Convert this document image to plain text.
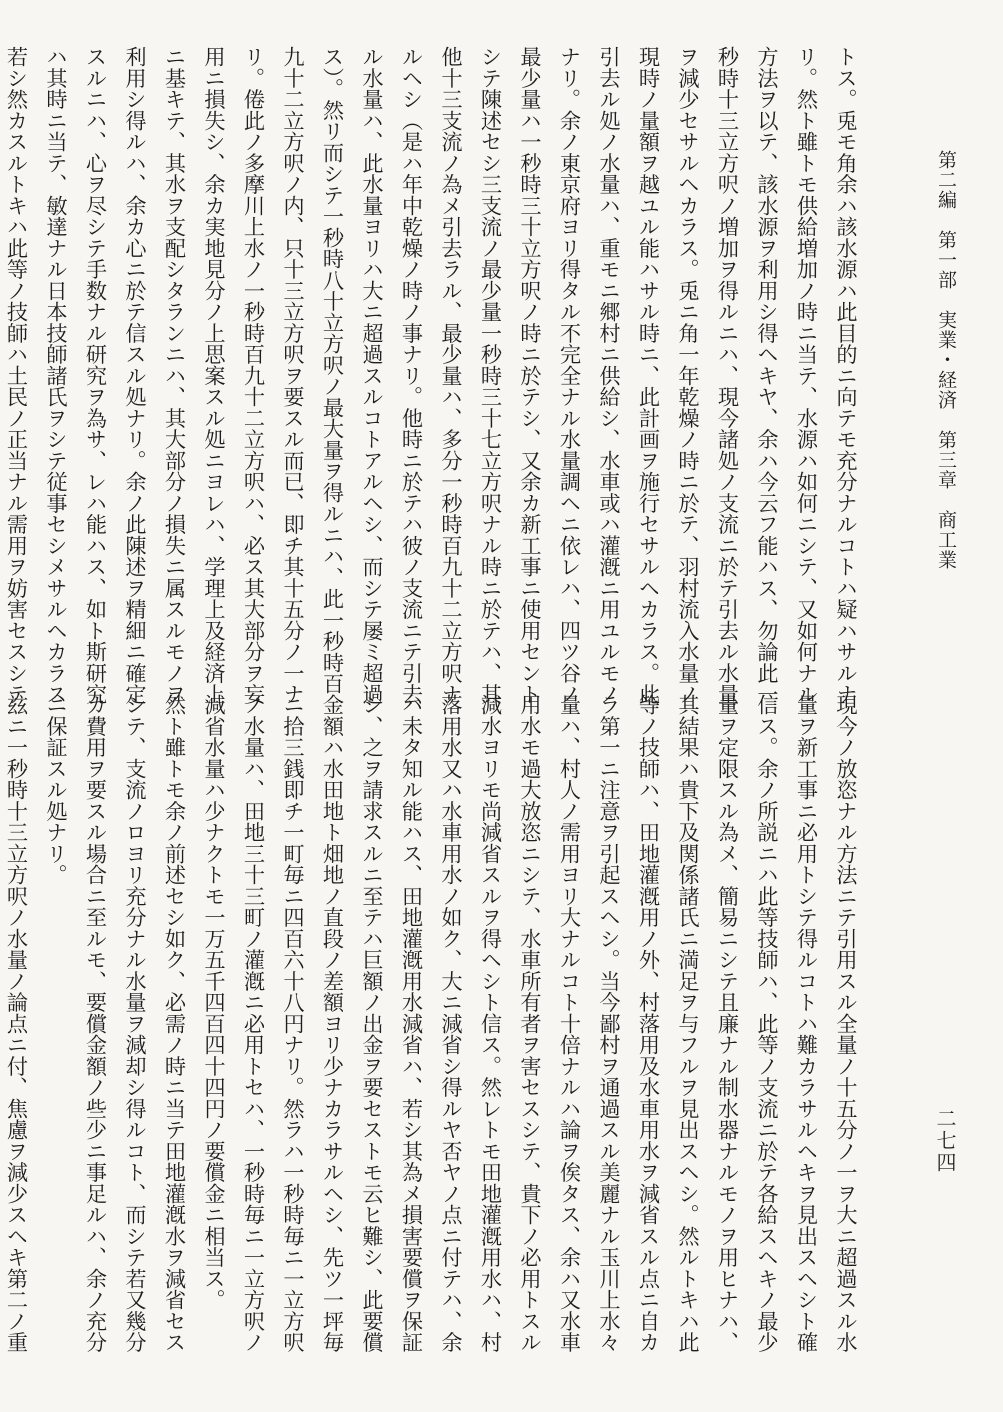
第二編　第一部　実業・経済　第三章　商工業

二七四

トス。兎モ角余ハ該水源ハ此目的ニ向テモ充分ナルコトハ疑ハサルナ

リ。然ト雖トモ供給増加ノ時ニ当テ、水源ハ如何ニシテ、又如何ナル

方法ヲ以テ、該水源ヲ利用シ得ヘキヤ、余ハ今云フ能ハス、勿論此一

秒時十三立方呎ノ増加ヲ得ルニハ、現今諸処ノ支流ニ於テ引去ル水量

ヲ減少セサルヘカラス。兎ニ角一年乾燥ノ時ニ於テ、羽村流入水量ノ

現時ノ量額ヲ越ユル能ハサル時ニ、此計画ヲ施行セサルヘカラス。此

引去ル処ノ水量ハ、重モニ郷村ニ供給シ、水車或ハ灌漑ニ用ユルモノ

ナリ。余ノ東京府ヨリ得タル不完全ナル水量調ヘニ依レハ、四ツ谷ノ

最少量ハ一秒時三十立方呎ノ時ニ於テシ、又余カ新工事ニ使用セント

シテ陳述セシ三支流ノ最少量一秒時三十七立方呎ナル時ニ於テハ、其

他十三支流ノ為メ引去ラル、最少量ハ、多分一秒時百九十二立方呎ナ

ルヘシ（是ハ年中乾燥ノ時ノ事ナリ。他時ニ於テハ彼ノ支流ニテ引去

ル水量ハ、此水量ヨリハ大ニ超過スルコトアルヘシ、而シテ屡ミ超過

ス）。然リ而シテ一秒時八十立方呎ノ最大量ヲ得ルニハ、此一秒時百

九十二立方呎ノ内、只十三立方呎ヲ要スル而已、即チ其十五分ノ一ナ

リ。倦此ノ多摩川上水ノ一秒時百九十二立方呎ハ、必ス其大部分ヲ妄

用ニ損失シ、余カ実地見分ノ上思案スル処ニヨレハ、学理上及経済上

ニ基キテ、其水ヲ支配シタランニハ、其大部分ノ損失ニ属スルモノヲ

利用シ得ルハ、余カ心ニ於テ信スル処ナリ。余ノ此陳述ヲ精細ニ確定

スルニハ、心ヲ尽シテ手数ナル研究ヲ為サ、レハ能ハス、如ト斯研究

ハ其時ニ当テ、敏達ナル日本技師諸氏ヲシテ従事セシメサルヘカラス

若シ然カスルトキハ此等ノ技師ハ土民ノ正当ナル需用ヲ妨害セスシテ

現今ノ放恣ナル方法ニテ引用スル全量ノ十五分ノ一ヲ大ニ超過スル水

量ヲ新工事ニ必用トシテ得ルコトハ難カラサルヘキヲ見出スヘシト確

信ス。余ノ所説ニハ此等技師ハ、此等ノ支流ニ於テ各給スヘキノ最少

量ヲ定限スル為メ、簡易ニシテ且廉ナル制水器ナルモノヲ用ヒナハ、

其結果ハ貴下及関係諸氏ニ満足ヲ与フルヲ見出スヘシ。然ルトキハ此

等ノ技師ハ、田地灌漑用ノ外、村落用及水車用水ヲ減省スル点ニ自カ

ラ第一ニ注意ヲ引起スヘシ。当今鄙村ヲ通過スル美麗ナル玉川上水々

量ハ、村人ノ需用ヨリ大ナルコト十倍ナルハ論ヲ俟タス、余ハ又水車

用水モ過大放恣ニシテ、水車所有者ヲ害セスシテ、貴下ノ必用トスル

減水ヨリモ尚減省スルヲ得ヘシト信ス。然レトモ田地灌漑用水ハ、村

落用水又ハ水車用水ノ如ク、大ニ減省シ得ルヤ否ヤノ点ニ付テハ、余

ハ未タ知ル能ハス、田地灌漑用水減省ハ、若シ其為メ損害要償ヲ保証

シ、之ヲ請求スルニ至テハ巨額ノ出金ヲ要セストモ云ヒ難シ、此要償

金額ハ水田地ト畑地ノ直段ノ差額ヨリ少ナカラサルヘシ、先ツ一坪毎

ニ拾三銭即チ一町毎ニ四百六十八円ナリ。然ラハ一秒時毎ニ一立方呎

ノ水量ハ、田地三十三町ノ灌漑ニ必用トセハ、一秒時毎ニ一立方呎ノ

減省水量ハ少ナクトモ一万五千四百四十四円ノ要償金ニ相当ス。

然ト雖トモ余ノ前述セシ如ク、必需ノ時ニ当テ田地灌漑水ヲ減省セス

シテ、支流ノロヨリ充分ナル水量ヲ減却シ得ルコト、而シテ若又幾分

カ費用ヲ要スル場合ニ至ルモ、要償金額ノ些少ニ事足ルハ、余ノ充分

ニ保証スル処ナリ。

玆ニ一秒時十三立方呎ノ水量ノ論点ニ付、焦慮ヲ減少スヘキ第二ノ重
